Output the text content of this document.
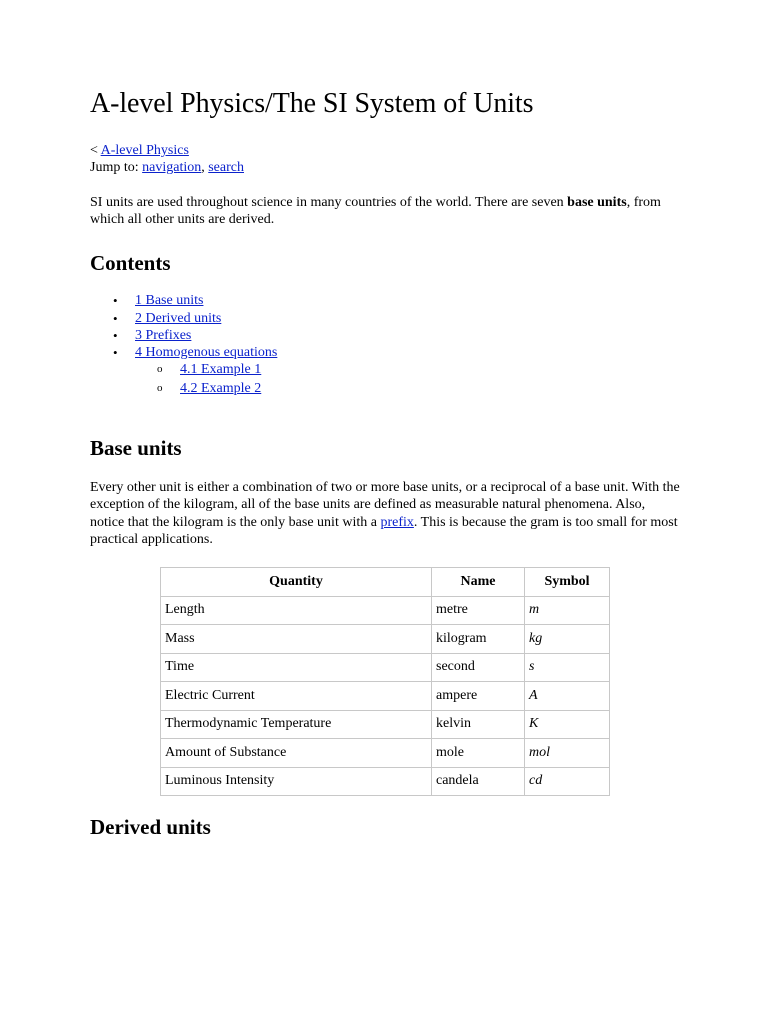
A-level Physics/The SI System of Units
< A-level Physics
Jump to: navigation, search
SI units are used throughout science in many countries of the world. There are seven base units, from which all other units are derived.
Contents
• 1 Base units
• 2 Derived units
• 3 Prefixes
• 4 Homogenous equations
o 4.1 Example 1
o 4.2 Example 2
Base units
Every other unit is either a combination of two or more base units, or a reciprocal of a base unit. With the exception of the kilogram, all of the base units are defined as measurable natural phenomena. Also, notice that the kilogram is the only base unit with a prefix. This is because the gram is too small for most practical applications.
Quantity	Name	Symbol
Length	metre	m
Mass	kilogram	kg
Time	second	s
Electric Current	ampere	A
Thermodynamic Temperature	kelvin	K
Amount of Substance	mole	mol
Luminous Intensity	candela	cd
Derived units
